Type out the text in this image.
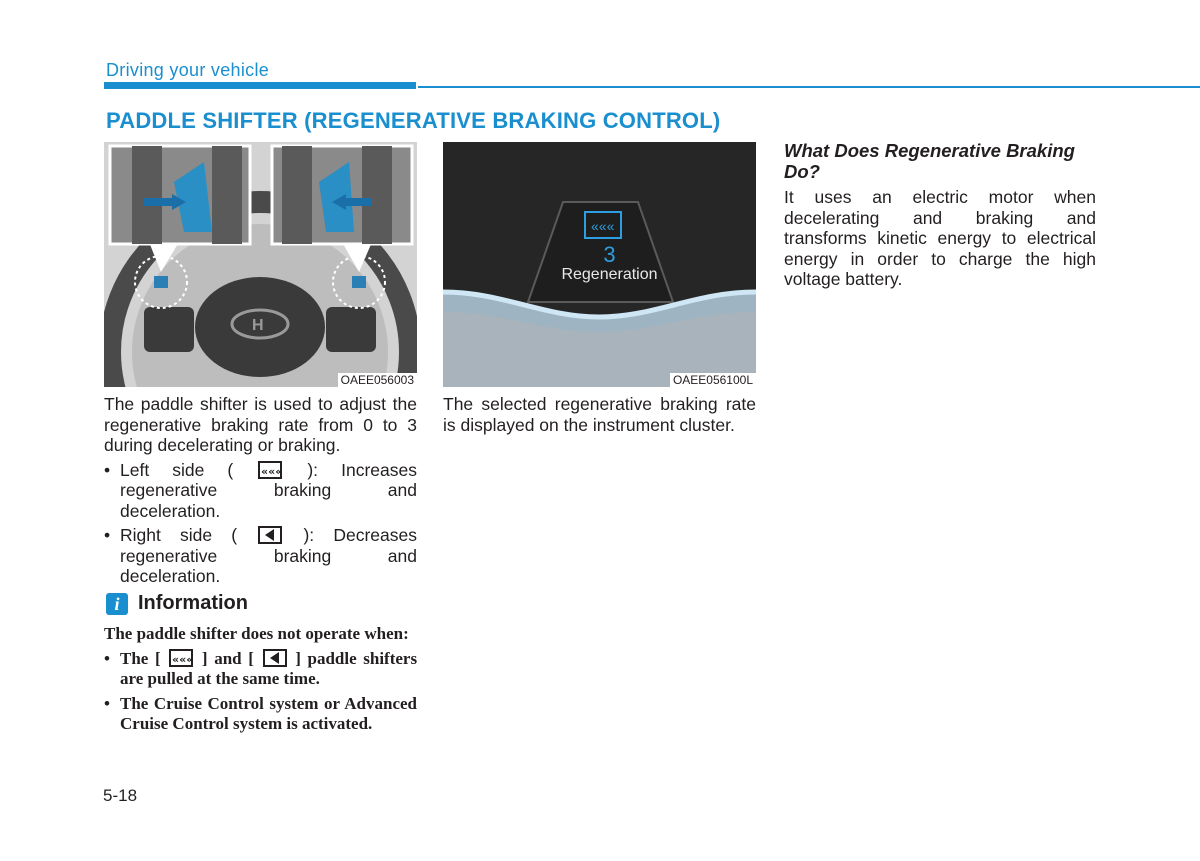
Driving your vehicle
PADDLE SHIFTER (REGENERATIVE BRAKING CONTROL)
H
OAEE056003
«««
3
Regeneration
OAEE056100L
The paddle shifter is used to adjust the regenerative braking rate from 0 to 3 during decelerating or braking.
• Left side (	««« ): Increases regenerative braking and deceleration.
• Right side (	): Decreases regenerative braking and deceleration.
i Information
The paddle shifter does not operate when:
• The [ ««« ] and [ ] paddle shifters are pulled at the same time.
• The Cruise Control system or Advanced Cruise Control system is activated.
The selected regenerative braking rate is displayed on the instrument cluster.
What Does Regenerative Braking Do?
It uses an electric motor when decelerating and braking and transforms kinetic energy to electrical energy in order to charge the high voltage battery.
5-18
